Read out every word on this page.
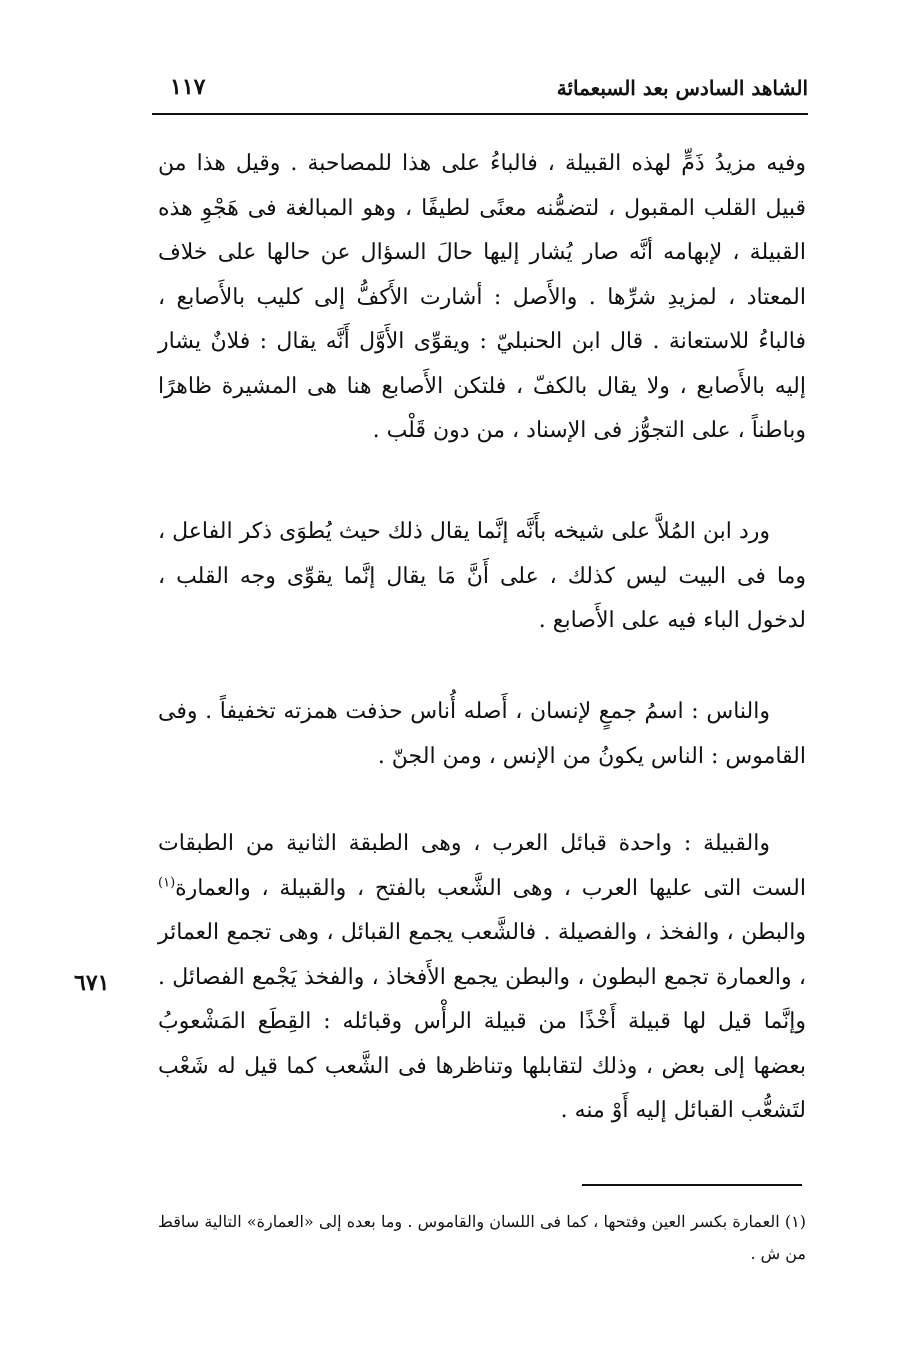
الشاهد السادس بعد السبعمائة
١١٧

وفيه مزيدُ ذَمٍّ لهذه القبيلة ، فالباءُ على هذا للمصاحبة . وقيل هذا من قبيل القلب المقبول ، لتضمُّنه معنًى لطيفًا ، وهو المبالغة فى هَجْوِ هذه القبيلة ، لإبهامه أنَّه صار يُشار إليها حالَ السؤال عن حالها على خلاف المعتاد ، لمزيدِ شرِّها . والأَصل : أشارت الأَكفُّ إلى كليب بالأَصابع ، فالباءُ للاستعانة . قال ابن الحنبليّ : ويقوِّى الأَوَّل أَنَّه يقال : فلانٌ يشار إليه بالأَصابع ، ولا يقال بالكفّ ، فلتكن الأَصابع هنا هى المشيرة ظاهرًا وباطناً ، على التجوُّز فى الإسناد ، من دون قَلْب .

ورد ابن المُلاَّ على شيخه بأَنَّه إنَّما يقال ذلك حيث يُطوَى ذكر الفاعل ، وما فى البيت ليس كذلك ، على أَنَّ مَا يقال إنَّما يقوِّى وجه القلب ، لدخول الباء فيه على الأَصابع .

والناس : اسمُ جمعٍ لإنسان ، أَصله أُناس حذفت همزته تخفيفاً . وفى القاموس : الناس يكونُ من الإنس ، ومن الجنّ .

والقبيلة : واحدة قبائل العرب ، وهى الطبقة الثانية من الطبقات الست التى عليها العرب ، وهى الشَّعب بالفتح ، والقبيلة ، والعمارة$^{(١)}$ والبطن ، والفخذ ، والفصيلة . فالشَّعب يجمع القبائل ، وهى تجمع العمائر ، والعمارة تجمع البطون ، والبطن يجمع الأَفخاذ ، والفخذ يَجْمع الفصائل . وإنَّما قيل لها قبيلة أَخْذًا من قبيلة الرأْس وقبائله : القِطَع المَشْعوبُ بعضها إلى بعض ، وذلك لتقابلها وتناظرها فى الشَّعب كما قيل له شَعْب لتَشعُّب القبائل إليه أَوْ منه .

٦٧١

(١) العمارة بكسر العين وفتحها ، كما فى اللسان والقاموس . وما بعده إلى «العمارة» التالية ساقط من ش .
